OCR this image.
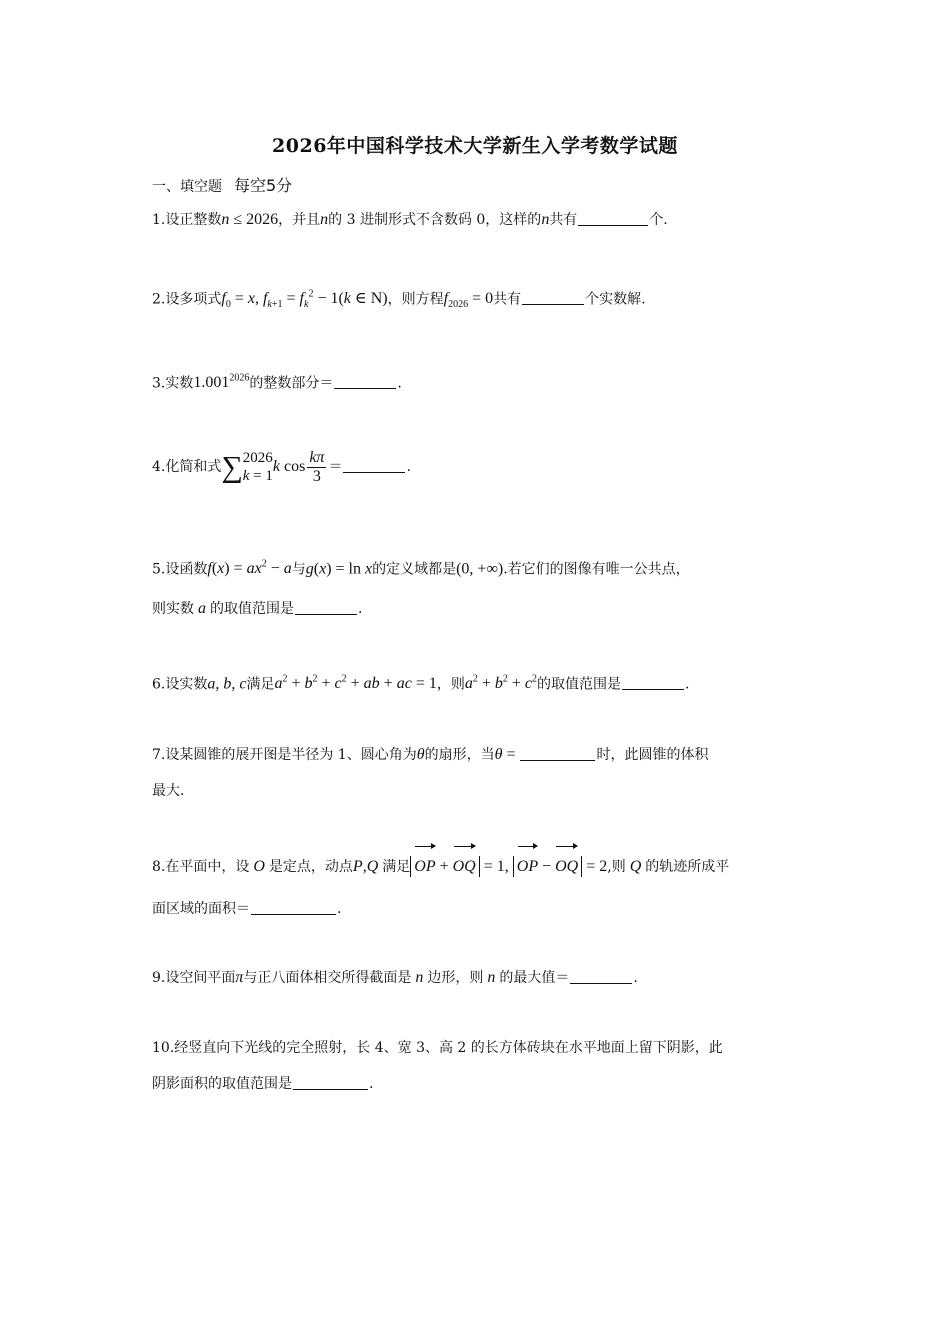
2026年中国科学技术大学新生入学考数学试题
一、填空题 每空5分
1.设正整数n ≤ 2026，并且n的 3 进制形式不含数码 0，这样的n共有	个.
2.设多项式$f_0 = x$, $f_{k+1} = f_k^2 - 1(k$ ∈ N)，则方程$f_{2026} = 0$共有	个实数解.
3.实数$1.001^{2026}$的整数部分＝	.
4.化简和式∑ 2026
k = 1
k $\cos \frac{k\pi}{3}$ ＝	.
5.设函数$f(x) = ax^2 - a$与g(x) = ln x的定义域都是(0, +∞).若它们的图像有唯一公共点，
则实数 a 的取值范围是	.
6.设实数a, b, c满足$a^2 + b^2 + c^2$ + ab + ac = 1，则$a^2 + b^2 + c^2$的取值范围是	.
7.设某圆锥的展开图是半径为 1、圆心角为θ的扇形，当θ =	时，此圆锥的体积
最大.
8.在平面中，设 O 是定点，动点P,Q 满足 OP + OQ = 1, OP − OQ = 2,则 Q 的轨迹所成平
面区域的面积＝	.
9.设空间平面π与正八面体相交所得截面是 n 边形，则 n 的最大值＝	.
10.经竖直向下光线的完全照射，长 4、宽 3、高 2 的长方体砖块在水平地面上留下阴影，此
阴影面积的取值范围是	.
